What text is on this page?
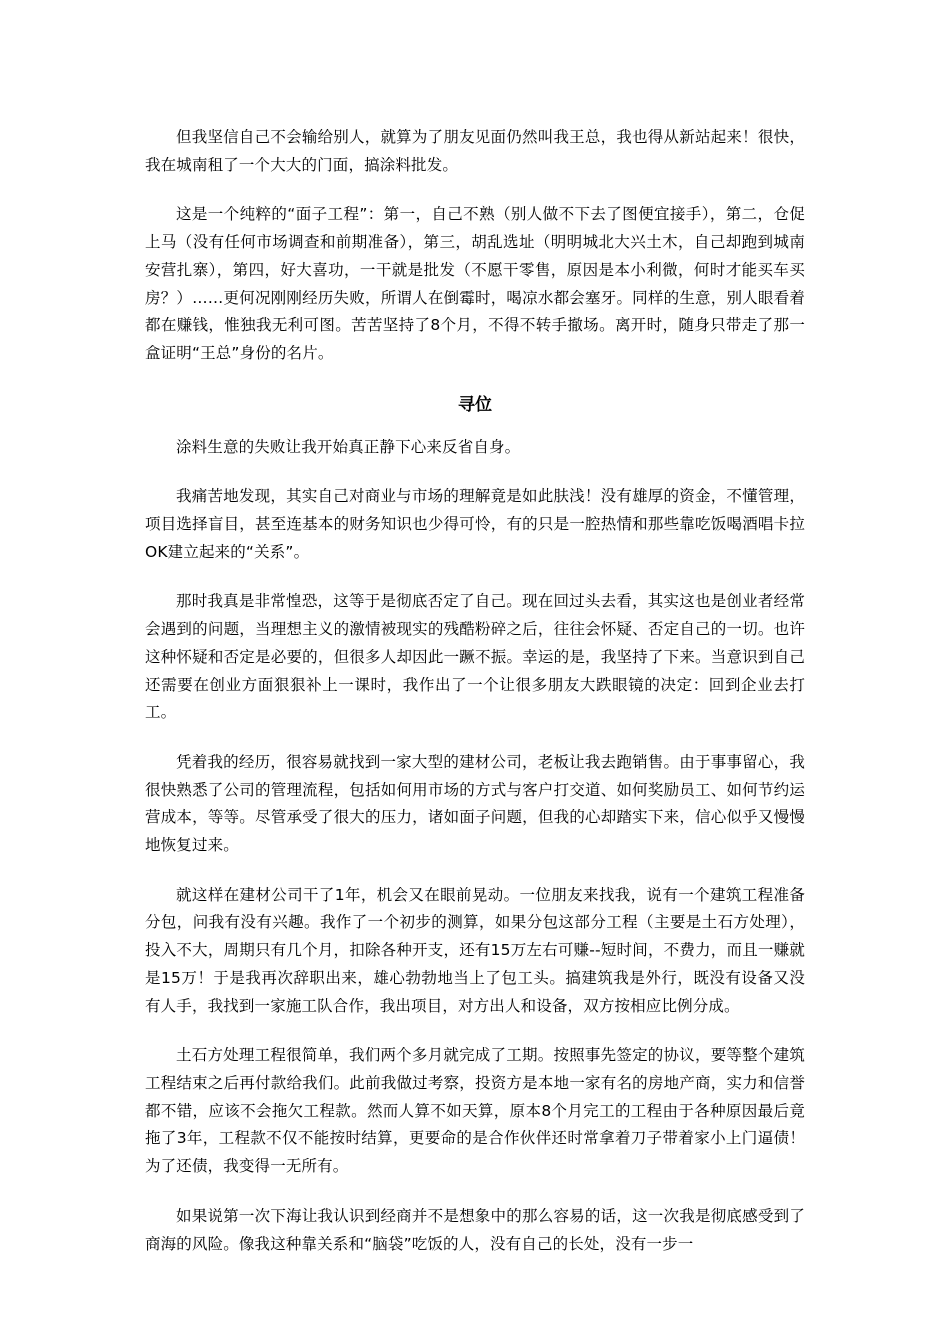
但我坚信自己不会输给别人，就算为了朋友见面仍然叫我王总，我也得从新站起来！很快，我在城南租了一个大大的门面，搞涂料批发。

这是一个纯粹的“面子工程”：第一，自己不熟（别人做不下去了图便宜接手），第二，仓促上马（没有任何市场调查和前期准备），第三，胡乱选址（明明城北大兴土木，自己却跑到城南安营扎寨），第四，好大喜功，一干就是批发（不愿干零售，原因是本小利微，何时才能买车买房？）……更何况刚刚经历失败，所谓人在倒霉时，喝凉水都会塞牙。同样的生意，别人眼看着都在赚钱，惟独我无利可图。苦苦坚持了8个月，不得不转手撤场。离开时，随身只带走了那一盒证明“王总”身份的名片。

寻位

涂料生意的失败让我开始真正静下心来反省自身。

我痛苦地发现，其实自己对商业与市场的理解竟是如此肤浅！没有雄厚的资金，不懂管理，项目选择盲目，甚至连基本的财务知识也少得可怜，有的只是一腔热情和那些靠吃饭喝酒唱卡拉OK建立起来的“关系”。

那时我真是非常惶恐，这等于是彻底否定了自己。现在回过头去看，其实这也是创业者经常会遇到的问题，当理想主义的激情被现实的残酷粉碎之后，往往会怀疑、否定自己的一切。也许这种怀疑和否定是必要的，但很多人却因此一蹶不振。幸运的是，我坚持了下来。当意识到自己还需要在创业方面狠狠补上一课时，我作出了一个让很多朋友大跌眼镜的决定：回到企业去打工。

凭着我的经历，很容易就找到一家大型的建材公司，老板让我去跑销售。由于事事留心，我很快熟悉了公司的管理流程，包括如何用市场的方式与客户打交道、如何奖励员工、如何节约运营成本，等等。尽管承受了很大的压力，诸如面子问题，但我的心却踏实下来，信心似乎又慢慢地恢复过来。

就这样在建材公司干了1年，机会又在眼前晃动。一位朋友来找我，说有一个建筑工程准备分包，问我有没有兴趣。我作了一个初步的测算，如果分包这部分工程（主要是土石方处理），投入不大，周期只有几个月，扣除各种开支，还有15万左右可赚--短时间，不费力，而且一赚就是15万！于是我再次辞职出来，雄心勃勃地当上了包工头。搞建筑我是外行，既没有设备又没有人手，我找到一家施工队合作，我出项目，对方出人和设备，双方按相应比例分成。

土石方处理工程很简单，我们两个多月就完成了工期。按照事先签定的协议，要等整个建筑工程结束之后再付款给我们。此前我做过考察，投资方是本地一家有名的房地产商，实力和信誉都不错，应该不会拖欠工程款。然而人算不如天算，原本8个月完工的工程由于各种原因最后竟拖了3年，工程款不仅不能按时结算，更要命的是合作伙伴还时常拿着刀子带着家小上门逼债！为了还债，我变得一无所有。

如果说第一次下海让我认识到经商并不是想象中的那么容易的话，这一次我是彻底感受到了商海的风险。像我这种靠关系和“脑袋”吃饭的人，没有自己的长处，没有一步一
